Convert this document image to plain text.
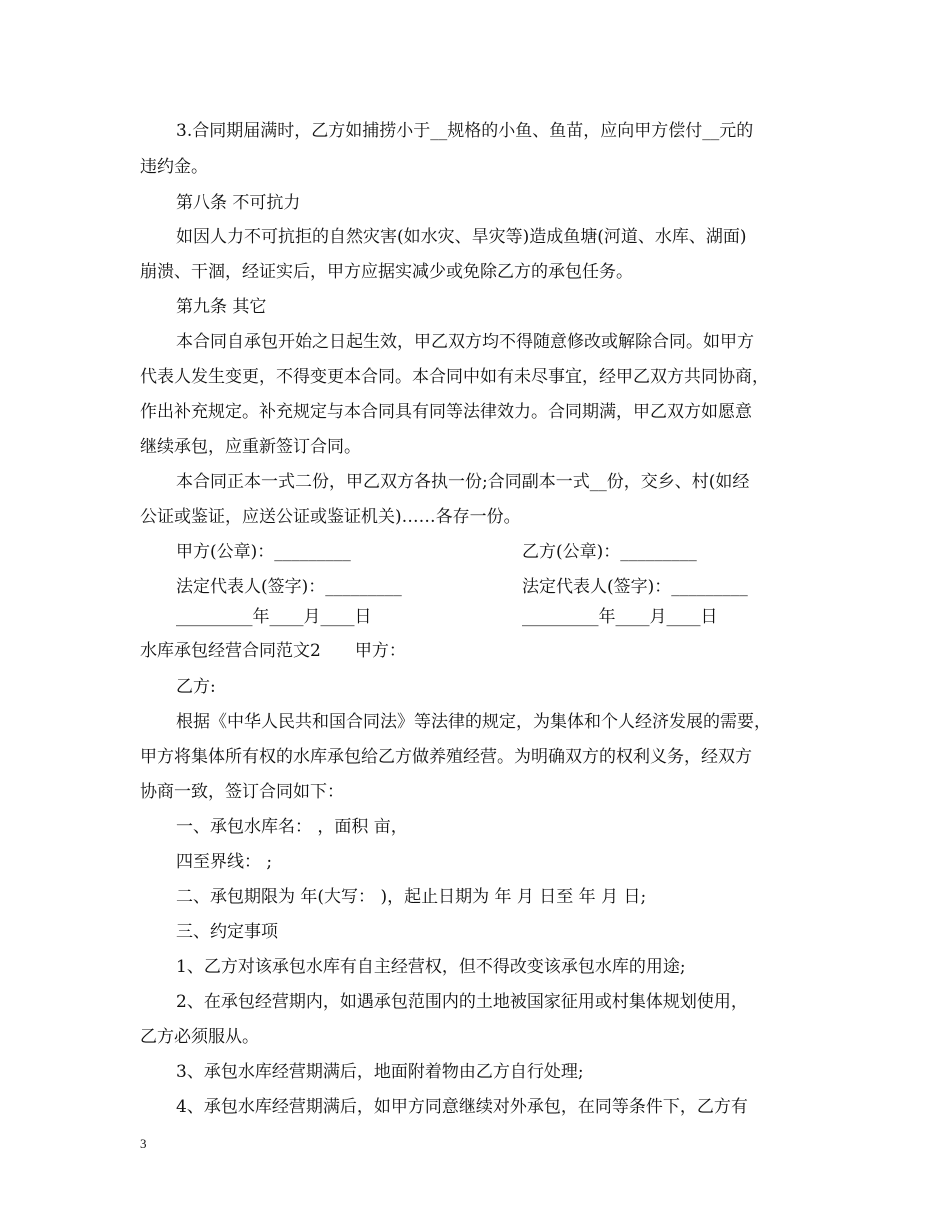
3.合同期届满时，乙方如捕捞小于__规格的小鱼、鱼苗，应向甲方偿付__元的
违约金。
第八条 不可抗力
如因人力不可抗拒的自然灾害(如水灾、旱灾等)造成鱼塘(河道、水库、湖面)
崩溃、干涸，经证实后，甲方应据实减少或免除乙方的承包任务。
第九条 其它
本合同自承包开始之日起生效，甲乙双方均不得随意修改或解除合同。如甲方
代表人发生变更，不得变更本合同。本合同中如有未尽事宜，经甲乙双方共同协商，
作出补充规定。补充规定与本合同具有同等法律效力。合同期满，甲乙双方如愿意
继续承包，应重新签订合同。
本合同正本一式二份，甲乙双方各执一份;合同副本一式__份，交乡、村(如经
公证或鉴证，应送公证或鉴证机关)……各存一份。
甲方(公章)：_________	乙方(公章)：_________
法定代表人(签字)：_________	法定代表人(签字)：_________
_________年____月____日	_________年____月____日
水库承包经营合同范文2　　甲方：
乙方:
根据《中华人民共和国合同法》等法律的规定，为集体和个人经济发展的需要，
甲方将集体所有权的水库承包给乙方做养殖经营。为明确双方的权利义务，经双方
协商一致，签订合同如下：
一、承包水库名： ，面积 亩，
四至界线： ;
二、承包期限为 年(大写： )，起止日期为 年 月 日至 年 月 日;
三、约定事项
1、乙方对该承包水库有自主经营权，但不得改变该承包水库的用途;
2、在承包经营期内，如遇承包范围内的土地被国家征用或村集体规划使用，
乙方必须服从。
3、承包水库经营期满后，地面附着物由乙方自行处理;
4、承包水库经营期满后，如甲方同意继续对外承包，在同等条件下，乙方有
3
